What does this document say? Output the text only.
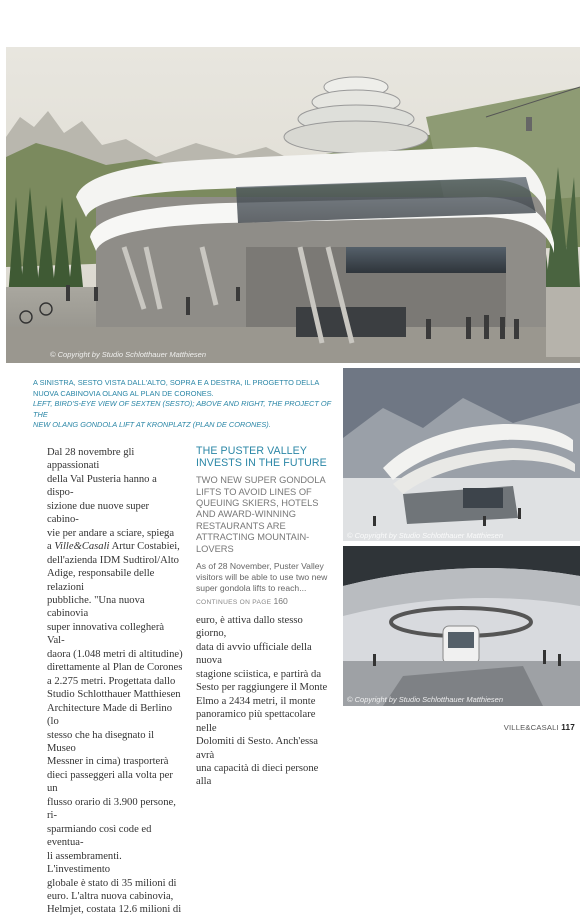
© Copyright by Studio Schlotthauer Matthiesen
A SINISTRA, SESTO VISTA DALL'ALTO, SOPRA E A DESTRA, IL PROGETTO DELLA
NUOVA CABINOVIA OLANG AL PLAN DE CORONES.
LEFT, BIRD'S-EYE VIEW OF SEXTEN (SESTO); ABOVE AND RIGHT, THE PROJECT OF THE
NEW OLANG GONDOLA LIFT AT KRONPLATZ (PLAN DE CORONES).
© Copyright by Studio Schlotthauer Matthiesen
© Copyright by Studio Schlotthauer Matthiesen
Dal 28 novembre gli appassionati
della Val Pusteria hanno a dispo-
sizione due nuove super cabino-
vie per andare a sciare, spiega
a Ville&Casali Artur Costabiei,
dell'azienda IDM Sudtirol/Alto
Adige, responsabile delle relazioni
pubbliche. "Una nuova cabinovia
super innovativa collegherà Val-
daora (1.048 metri di altitudine)
direttamente al Plan de Corones
a 2.275 metri. Progettata dallo
Studio Schlotthauer Matthiesen
Architecture Made di Berlino (lo
stesso che ha disegnato il Museo
Messner in cima) trasporterà
dieci passeggeri alla volta per un
flusso orario di 3.900 persone, ri-
sparmiando così code ed eventua-
li assembramenti. L'investimento
globale è stato di 35 milioni di
euro. L'altra nuova cabinovia,
Helmjet, costata 12.6 milioni di
THE PUSTER VALLEY
INVESTS IN THE FUTURE
TWO NEW SUPER GONDOLA
LIFTS TO AVOID LINES OF
QUEUING SKIERS, HOTELS
AND AWARD-WINNING
RESTAURANTS ARE
ATTRACTING MOUNTAIN-
LOVERS
As of 28 November, Puster Valley
visitors will be able to use two new
super gondola lifts to reach...
CONTINUES ON PAGE 160
euro, è attiva dallo stesso giorno,
data di avvio ufficiale della nuova
stagione sciistica, e partirà da
Sesto per raggiungere il Monte
Elmo a 2434 metri, il monte
panoramico più spettacolare nelle
Dolomiti di Sesto. Anch'essa avrà
una capacità di dieci persone alla
VILLE&CASALI 117
